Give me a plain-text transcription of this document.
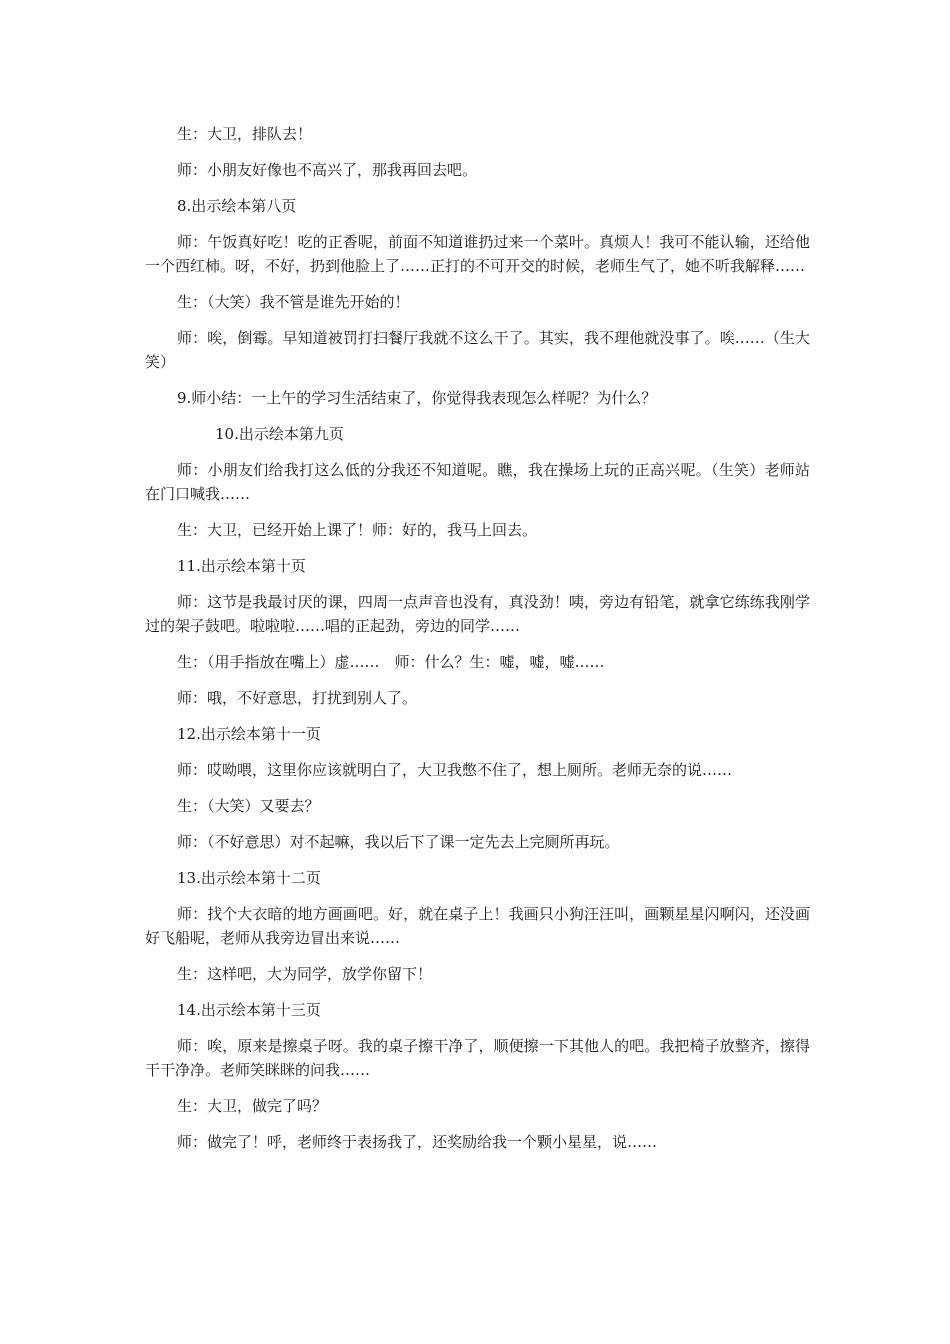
生：大卫，排队去！

师：小朋友好像也不高兴了，那我再回去吧。

8.出示绘本第八页

师：午饭真好吃！吃的正香呢，前面不知道谁扔过来一个菜叶。真烦人！我可不能认输，还给他一个西红柿。呀，不好，扔到他脸上了……正打的不可开交的时候，老师生气了，她不听我解释……

生：（大笑）我不管是谁先开始的！

师：唉，倒霉。早知道被罚打扫餐厅我就不这么干了。其实，我不理他就没事了。唉……（生大笑）

9.师小结：一上午的学习生活结束了，你觉得我表现怎么样呢？为什么？

10.出示绘本第九页

师：小朋友们给我打这么低的分我还不知道呢。瞧，我在操场上玩的正高兴呢。（生笑）老师站在门口喊我……

生：大卫，已经开始上课了！师：好的，我马上回去。

11.出示绘本第十页

师：这节是我最讨厌的课，四周一点声音也没有，真没劲！咦，旁边有铅笔，就拿它练练我刚学过的架子鼓吧。啦啦啦……唱的正起劲，旁边的同学……

生：（用手指放在嘴上）虚……　师：什么？生：嘘，嘘，嘘……

师：哦，不好意思，打扰到别人了。

12.出示绘本第十一页

师：哎呦喂，这里你应该就明白了，大卫我憋不住了，想上厕所。老师无奈的说……

生：（大笑）又要去？

师：（不好意思）对不起嘛，我以后下了课一定先去上完厕所再玩。

13.出示绘本第十二页

师：找个大衣暗的地方画画吧。好，就在桌子上！我画只小狗汪汪叫，画颗星星闪啊闪，还没画好飞船呢，老师从我旁边冒出来说……

生：这样吧，大为同学，放学你留下！

14.出示绘本第十三页

师：唉，原来是擦桌子呀。我的桌子擦干净了，顺便擦一下其他人的吧。我把椅子放整齐，擦得干干净净。老师笑眯眯的问我……

生：大卫，做完了吗？

师：做完了！呼，老师终于表扬我了，还奖励给我一个颗小星星，说……
